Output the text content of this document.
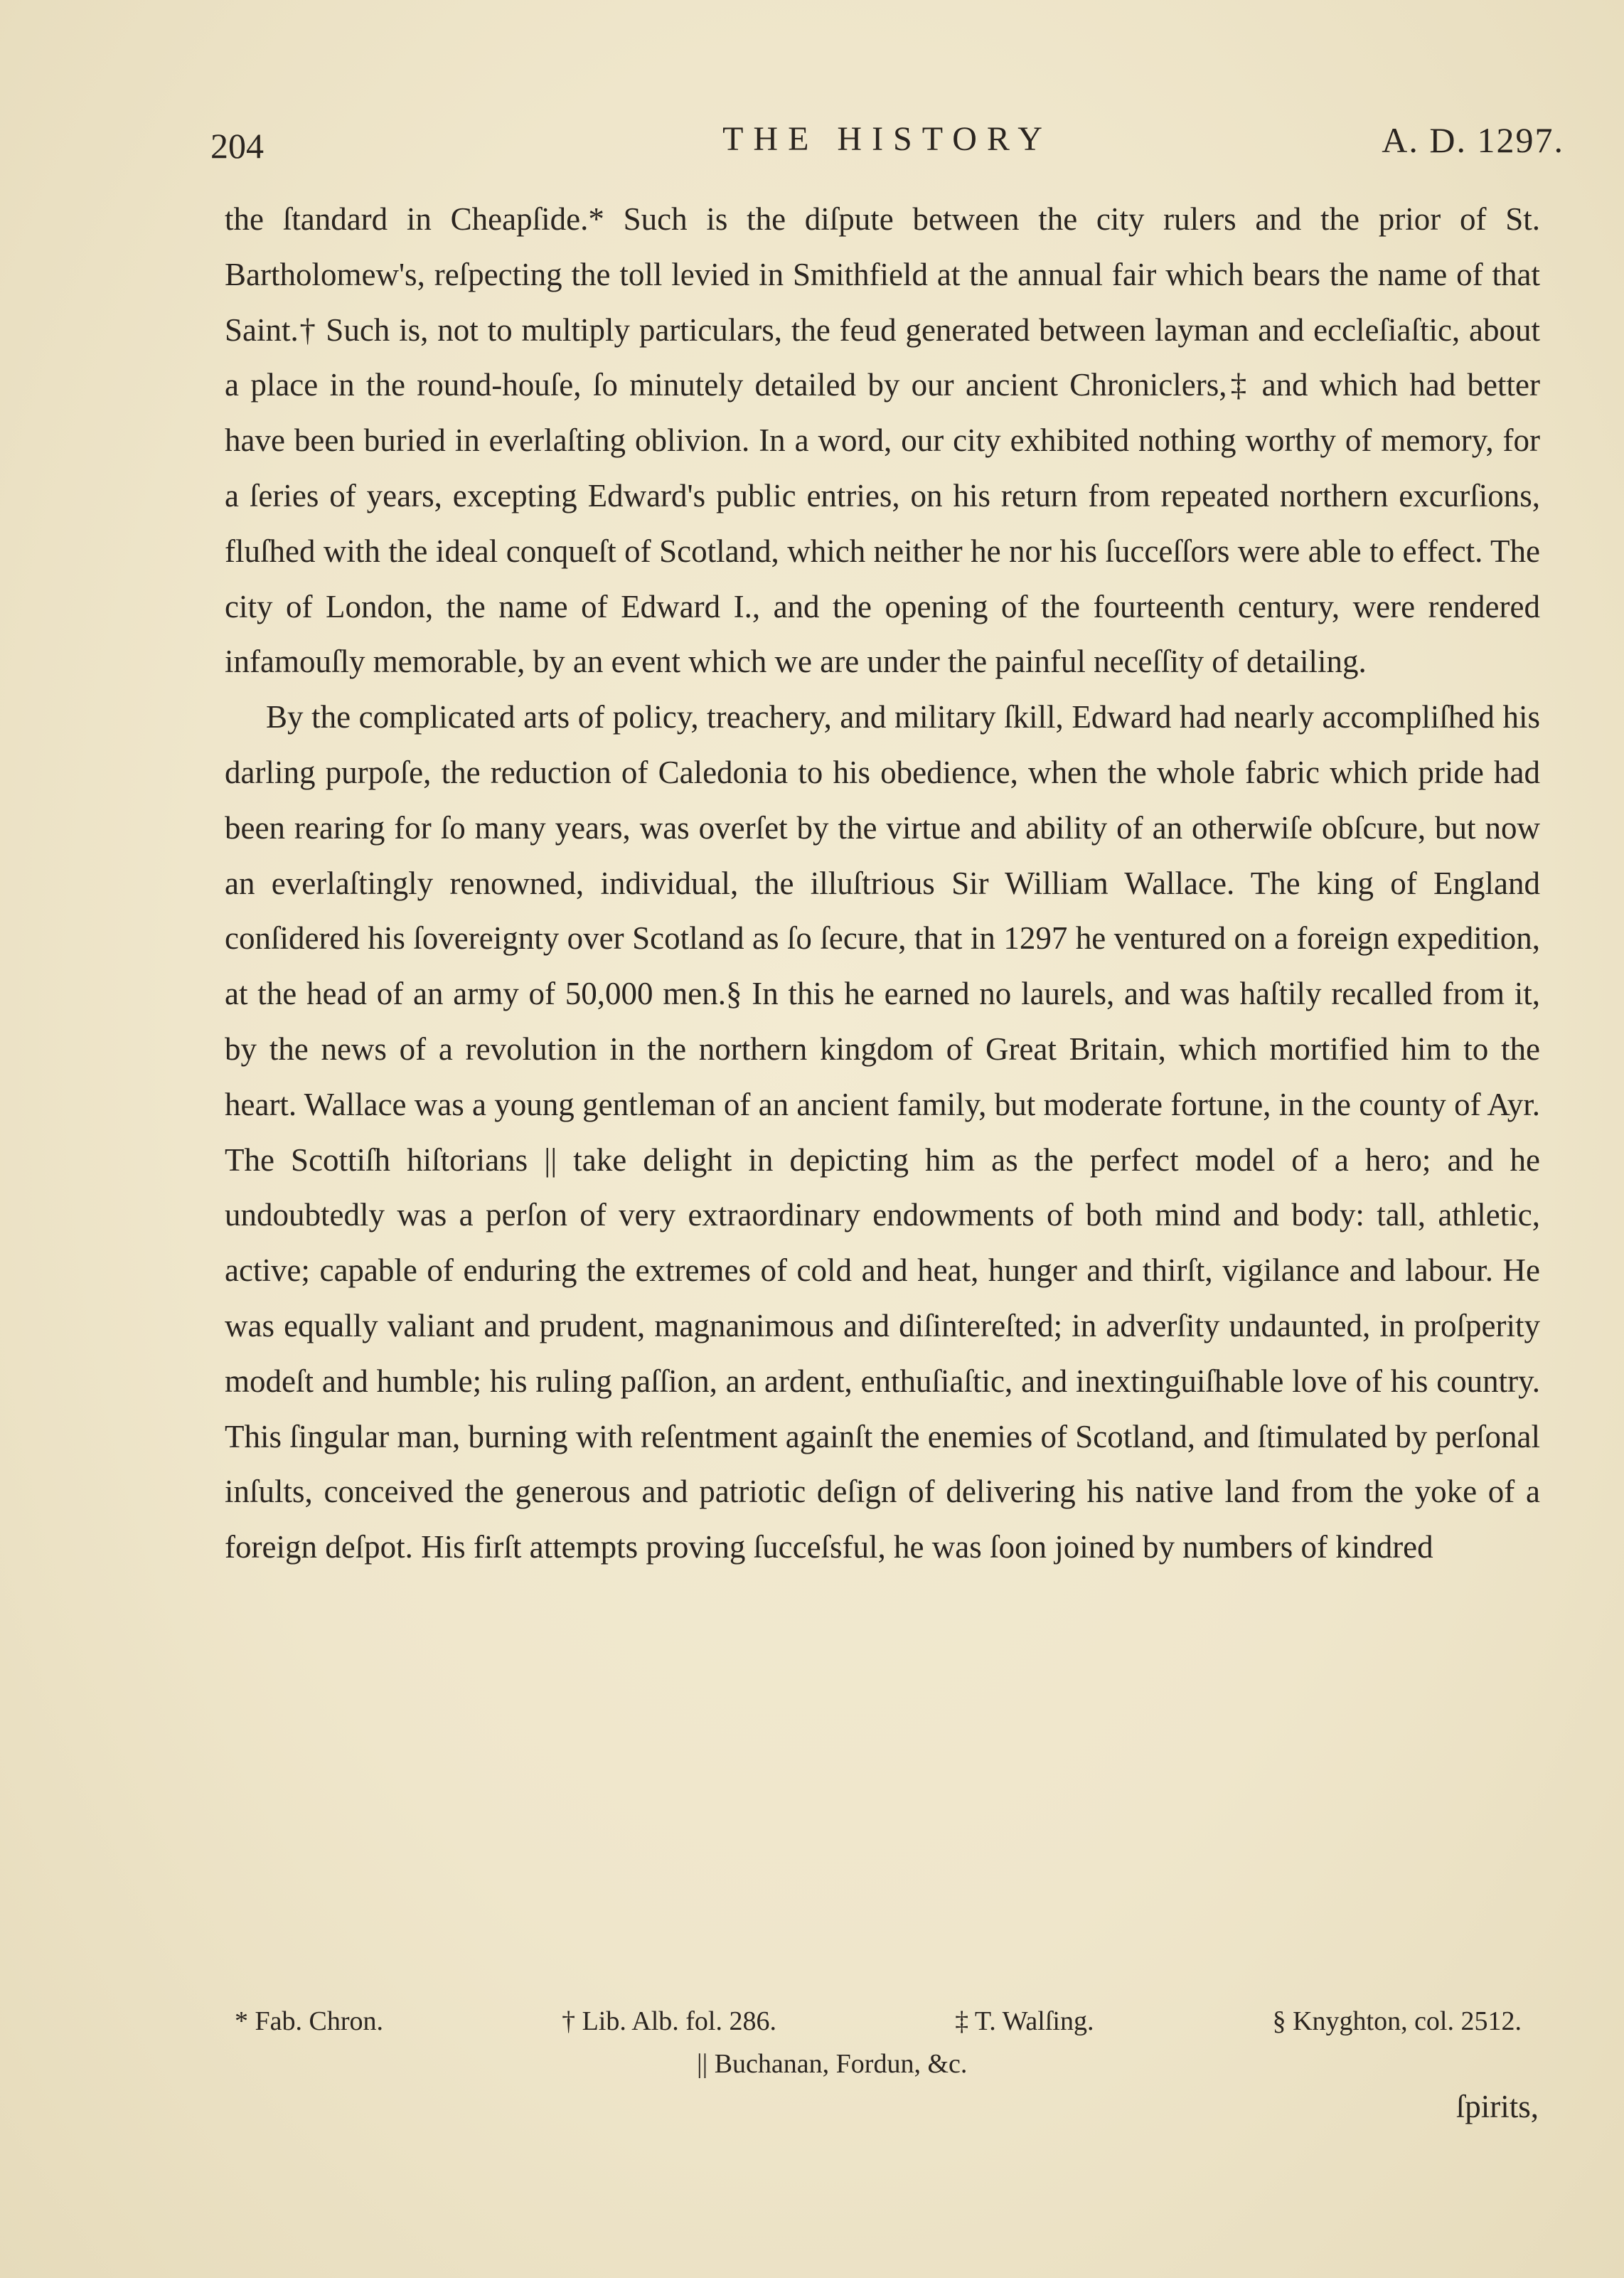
204	THE HISTORY	A. D. 1297.

the ſtandard in Cheapſide.* Such is the diſpute between the city rulers and the prior of St. Bartholomew's, reſpecting the toll levied in Smithfield at the annual fair which bears the name of that Saint.† Such is, not to multiply particulars, the feud generated between layman and eccleſiaſtic, about a place in the round-houſe, ſo minutely detailed by our ancient Chroniclers,‡ and which had better have been buried in everlaſting oblivion. In a word, our city exhibited nothing worthy of memory, for a ſeries of years, excepting Edward's public entries, on his return from repeated northern excurſions, fluſhed with the ideal conqueſt of Scotland, which neither he nor his ſucceſſors were able to effect. The city of London, the name of Edward I., and the opening of the fourteenth century, were rendered infamouſly memorable, by an event which we are under the painful neceſſity of detailing.

By the complicated arts of policy, treachery, and military ſkill, Edward had nearly accompliſhed his darling purpoſe, the reduction of Caledonia to his obedience, when the whole fabric which pride had been rearing for ſo many years, was overſet by the virtue and ability of an otherwiſe obſcure, but now an everlaſtingly renowned, individual, the illuſtrious Sir William Wallace. The king of England conſidered his ſovereignty over Scotland as ſo ſecure, that in 1297 he ventured on a foreign expedition, at the head of an army of 50,000 men.§ In this he earned no laurels, and was haſtily recalled from it, by the news of a revolution in the northern kingdom of Great Britain, which mortified him to the heart. Wallace was a young gentleman of an ancient family, but moderate fortune, in the county of Ayr. The Scottiſh hiſtorians || take delight in depicting him as the perfect model of a hero; and he undoubtedly was a perſon of very extraordinary endowments of both mind and body: tall, athletic, active; capable of enduring the extremes of cold and heat, hunger and thirſt, vigilance and labour. He was equally valiant and prudent, magnanimous and diſintereſted; in adverſity undaunted, in proſperity modeſt and humble; his ruling paſſion, an ardent, enthuſiaſtic, and inextinguiſhable love of his country. This ſingular man, burning with reſentment againſt the enemies of Scotland, and ſtimulated by perſonal inſults, conceived the generous and patriotic deſign of delivering his native land from the yoke of a foreign deſpot. His firſt attempts proving ſucceſsful, he was ſoon joined by numbers of kindred

* Fab. Chron.	† Lib. Alb. fol. 286.	‡ T. Walſing.	§ Knyghton, col. 2512.
|| Buchanan, Fordun, &c.
ſpirits,
